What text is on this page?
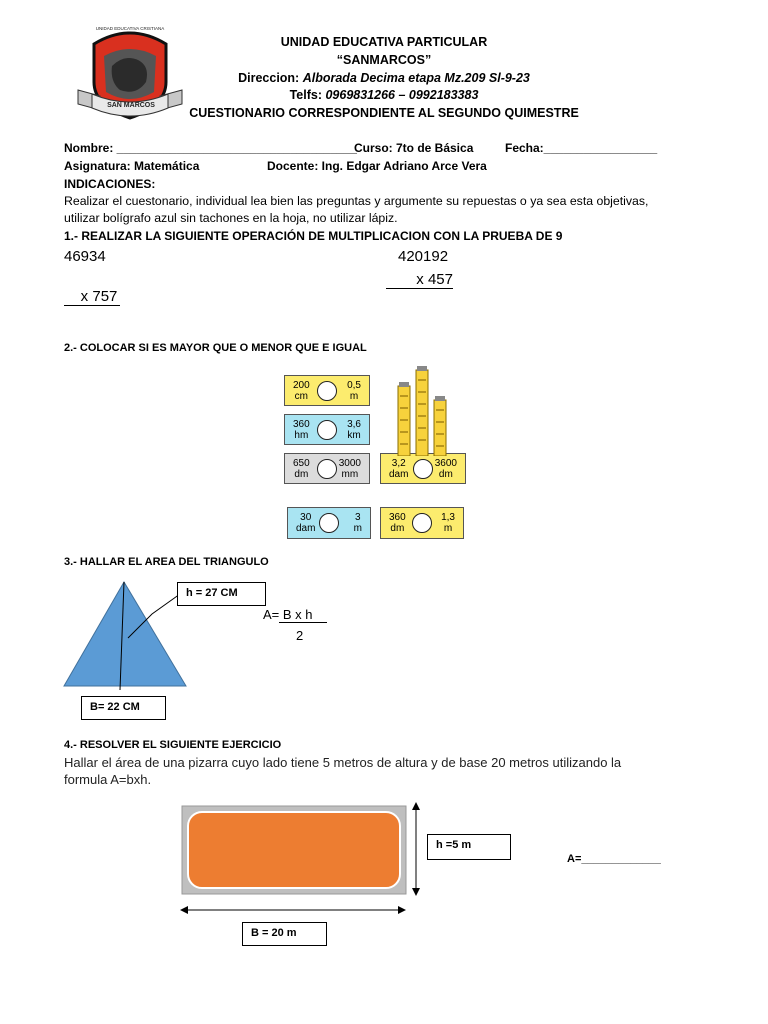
UNIDAD EDUCATIVA CRISTIANA
SAN MARCOS
UNIDAD EDUCATIVA PARTICULAR
“SANMARCOS”
Direccion: Alborada Decima etapa Mz.209 Sl-9-23
Telfs: 0969831266 – 0992183383
CUESTIONARIO CORRESPONDIENTE AL SEGUNDO QUIMESTRE
Nombre: ____________________________________
Curso: 7to de Básica	Fecha:_________________
Asignatura: Matemática	Docente: Ing. Edgar Adriano Arce Vera
INDICACIONES:
Realizar el cuestonario, individual lea bien las preguntas y argumente su repuestas o ya sea esta objetivas,
utilizar bolígrafo azul sin tachones en la hoja, no utilizar lápiz.
1.- REALIZAR LA SIGUIENTE OPERACIÓN DE MULTIPLICACION CON LA PRUEBA DE 9
46934

x 757

420192
x 457
2.- COLOCAR SI ES MAYOR QUE O MENOR QUE E IGUAL
200
cm
0,5
m
360
hm
3,6
km
650
dm
3000
mm
3,2
dam
3600
dm
30
dam
3
m
360
dm
1,3
m
3.- HALLAR EL AREA DEL TRIANGULO
h = 27 CM
B= 22 CM
A= B x h
2
4.- RESOLVER EL SIGUIENTE EJERCICIO
Hallar el área de una pizarra cuyo lado tiene 5 metros de altura y de base 20 metros utilizando la
formula A=bxh.
h =5 m
B = 20 m
A=_____________
